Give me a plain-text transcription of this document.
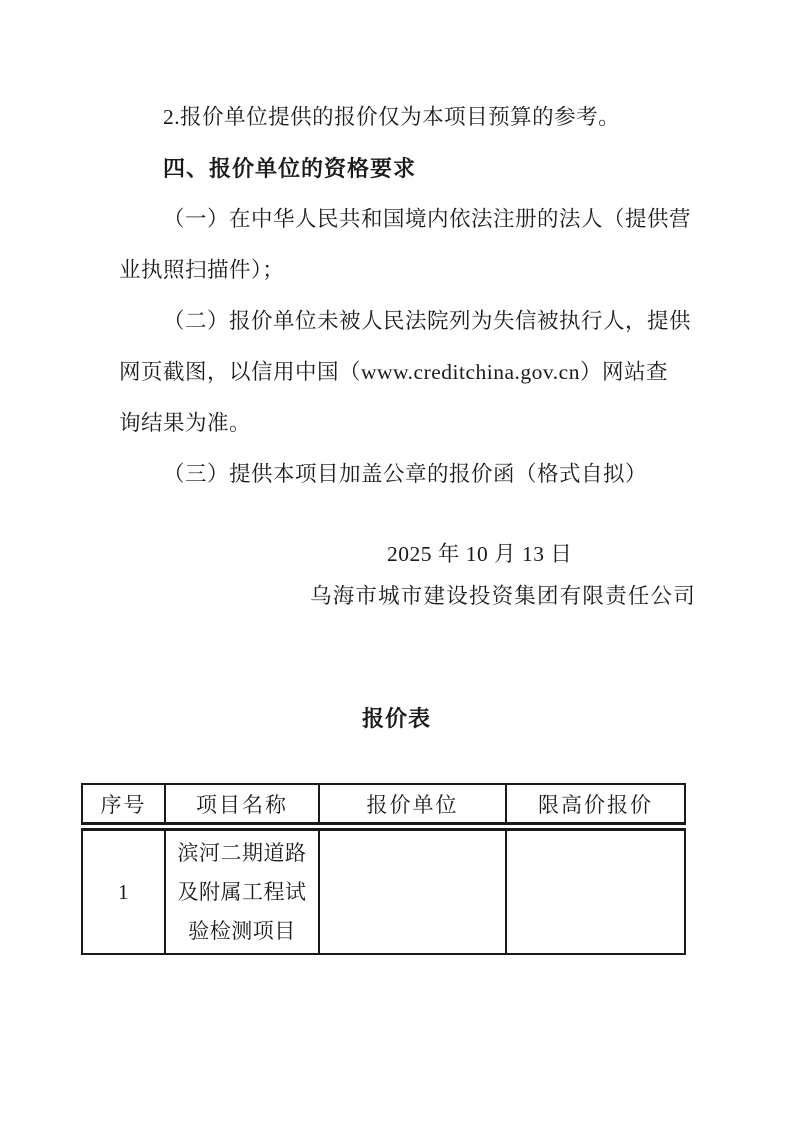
2.报价单位提供的报价仅为本项目预算的参考。
四、报价单位的资格要求
（一）在中华人民共和国境内依法注册的法人（提供营
业执照扫描件）；
（二）报价单位未被人民法院列为失信被执行人，提供
网页截图，以信用中国（www.creditchina.gov.cn）网站查
询结果为准。
（三）提供本项目加盖公章的报价函（格式自拟）
2025 年 10 月 13 日
乌海市城市建设投资集团有限责任公司
报价表
序号	项目名称	报价单位	限高价报价
1	滨河二期道路
及附属工程试
验检测项目		
